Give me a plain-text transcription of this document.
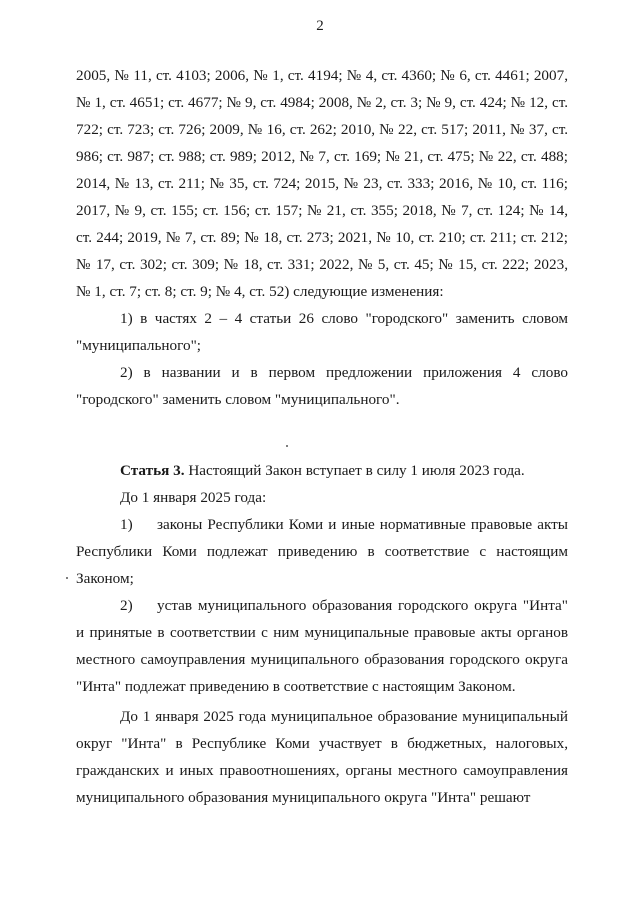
2

2005, № 11, ст. 4103; 2006, № 1, ст. 4194; № 4, ст. 4360; № 6, ст. 4461; 2007, № 1, ст. 4651; ст. 4677; № 9, ст. 4984; 2008, № 2, ст. 3; № 9, ст. 424; № 12, ст. 722; ст. 723; ст. 726; 2009, № 16, ст. 262; 2010, № 22, ст. 517; 2011, № 37, ст. 986; ст. 987; ст. 988; ст. 989; 2012, № 7, ст. 169; № 21, ст. 475; № 22, ст. 488; 2014, № 13, ст. 211; № 35, ст. 724; 2015, № 23, ст. 333; 2016, № 10, ст. 116; 2017, № 9, ст. 155; ст. 156; ст. 157; № 21, ст. 355; 2018, № 7, ст. 124; № 14, ст. 244; 2019, № 7, ст. 89; № 18, ст. 273; 2021, № 10, ст. 210; ст. 211; ст. 212; № 17, ст. 302; ст. 309; № 18, ст. 331; 2022, № 5, ст. 45; № 15, ст. 222; 2023, № 1, ст. 7; ст. 8; ст. 9; № 4, ст. 52) следующие изменения:

1) в частях 2 – 4 статьи 26 слово "городского" заменить словом "муниципального";

2) в названии и в первом предложении приложения 4 слово "городского" заменить словом "муниципального".

Статья 3. Настоящий Закон вступает в силу 1 июля 2023 года.

До 1 января 2025 года:

1) законы Республики Коми и иные нормативные правовые акты Республики Коми подлежат приведению в соответствие с настоящим Законом;

2) устав муниципального образования городского округа "Инта" и принятые в соответствии с ним муниципальные правовые акты органов местного самоуправления муниципального образования городского округа "Инта" подлежат приведению в соответствие с настоящим Законом.

До 1 января 2025 года муниципальное образование муниципальный округ "Инта" в Республике Коми участвует в бюджетных, налоговых, гражданских и иных правоотношениях, органы местного самоуправления муниципального образования муниципального округа "Инта" решают
